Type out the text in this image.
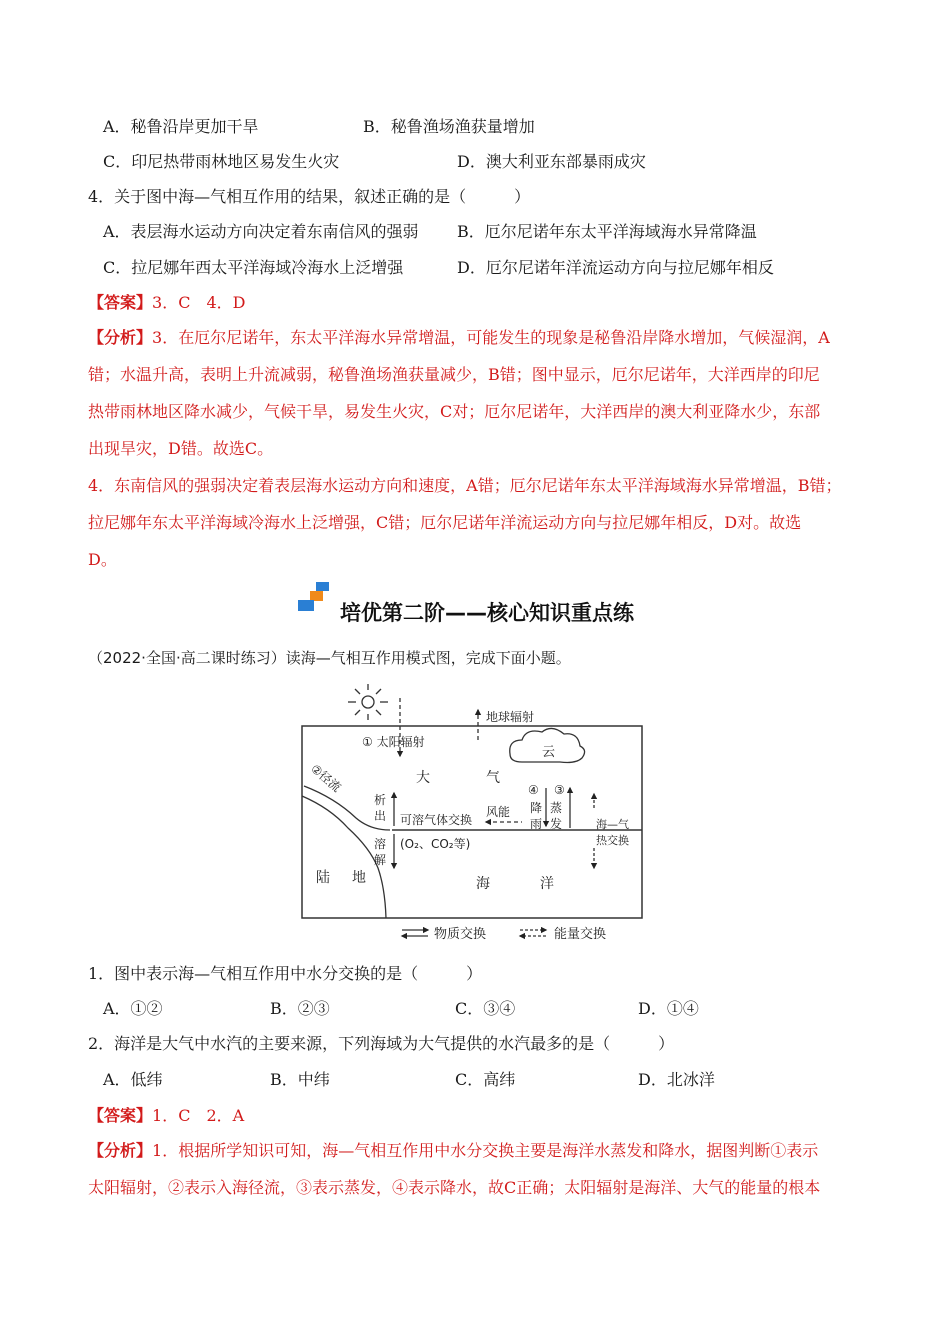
A．秘鲁沿岸更加干旱	B．秘鲁渔场渔获量增加
C．印尼热带雨林地区易发生火灾	D．澳大利亚东部暴雨成灾
4．关于图中海—气相互作用的结果，叙述正确的是（　　　）
A．表层海水运动方向决定着东南信风的强弱 B．厄尔尼诺年东太平洋海域海水异常降温
C．拉尼娜年西太平洋海域冷海水上泛增强	D．厄尔尼诺年洋流运动方向与拉尼娜年相反
【答案】3．C　4．D
【分析】3．在厄尔尼诺年，东太平洋海水异常增温，可能发生的现象是秘鲁沿岸降水增加，气候湿润，A
错；水温升高，表明上升流减弱，秘鲁渔场渔获量减少，B错；图中显示，厄尔尼诺年，大洋西岸的印尼
热带雨林地区降水减少，气候干旱，易发生火灾，C对；厄尔尼诺年，大洋西岸的澳大利亚降水少，东部
出现旱灾，D错。故选C。
4．东南信风的强弱决定着表层海水运动方向和速度，A错；厄尔尼诺年东太平洋海域海水异常增温，B错；
拉尼娜年东太平洋海域冷海水上泛增强，C错；厄尔尼诺年洋流运动方向与拉尼娜年相反，D对。故选
D。
培优第二阶——核心知识重点练
（2022·全国·高二课时练习）读海—气相互作用模式图，完成下面小题。
① 太阳辐射
地球辐射
云
大	气
②径流
析
出
溶
解
可溶气体交换
风能
(O₂、CO₂等)
④
降
雨
③
蒸
发	海—气
热交换
陆 地	海	洋
物质交换	能量交换
1．图中表示海—气相互作用中水分交换的是（　　　）
A．①②	B．②③	C．③④	D．①④
2．海洋是大气中水汽的主要来源，下列海域为大气提供的水汽最多的是（　　　）
A．低纬	B．中纬	C．高纬	D．北冰洋
【答案】1．C　2．A
【分析】1．根据所学知识可知，海—气相互作用中水分交换主要是海洋水蒸发和降水，据图判断①表示
太阳辐射，②表示入海径流，③表示蒸发，④表示降水，故C正确；太阳辐射是海洋、大气的能量的根本
